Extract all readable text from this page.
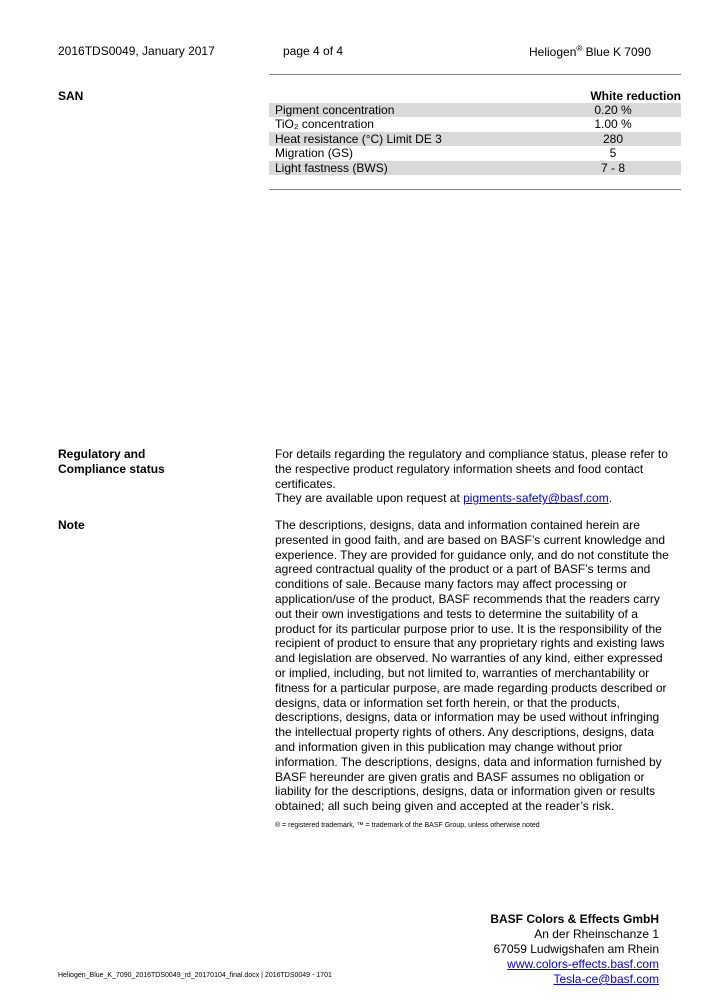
2016TDS0049, January 2017	page 4 of 4	Heliogen® Blue K 7090
SAN	White reduction
Pigment concentration	0.20 %
TiO₂ concentration	1.00 %
Heat resistance (°C) Limit DE 3	280
Migration (GS)	5
Light fastness (BWS)	7 - 8
Regulatory and
Compliance status

For details regarding the regulatory and compliance status, please refer to the respective product regulatory information sheets and food contact certificates.

They are available upon request at pigments-safety@basf.com.

Note	The descriptions, designs, data and information contained herein are presented in good faith, and are based on BASF’s current knowledge and experience. They are provided for guidance only, and do not constitute the agreed contractual quality of the product or a part of BASF’s terms and conditions of sale. Because many factors may affect processing or application/use of the product, BASF recommends that the readers carry out their own investigations and tests to determine the suitability of a product for its particular purpose prior to use. It is the responsibility of the recipient of product to ensure that any proprietary rights and existing laws and legislation are observed. No warranties of any kind, either expressed or implied, including, but not limited to, warranties of merchantability or fitness for a particular purpose, are made regarding products described or designs, data or information set forth herein, or that the products, descriptions, designs, data or information may be used without infringing the intellectual property rights of others. Any descriptions, designs, data and information given in this publication may change without prior information. The descriptions, designs, data and information furnished by BASF hereunder are given gratis and BASF assumes no obligation or liability for the descriptions, designs, data or information given or results obtained; all such being given and accepted at the reader’s risk.
® = registered trademark, ™ = trademark of the BASF Group, unless otherwise noted
BASF Colors & Effects GmbH
An der Rheinschanze 1
67059 Ludwigshafen am Rhein
www.colors-effects.basf.com
Tesla-ce@basf.com
Heliogen_Blue_K_7090_2016TDS0049_rd_20170104_final.docx | 2016TDS0049 - 1701
